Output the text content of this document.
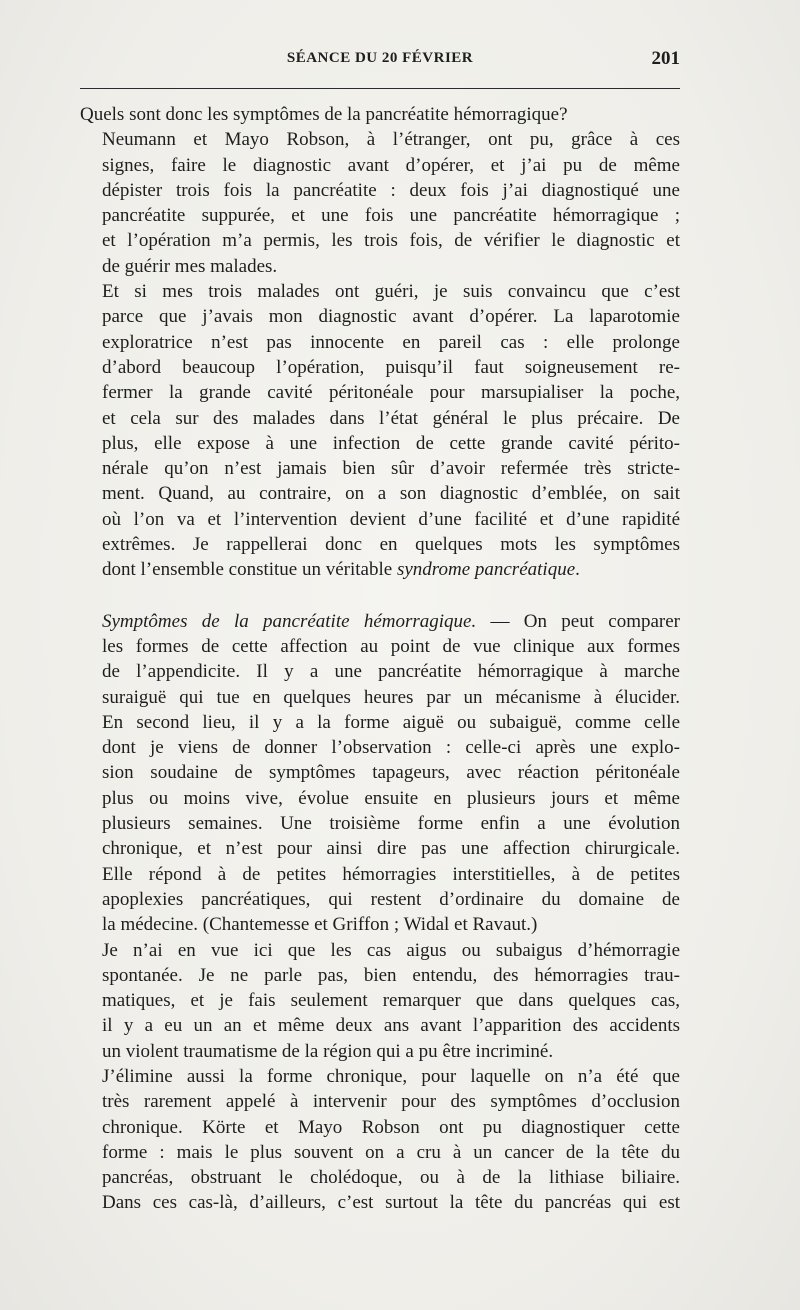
SÉANCE DU 20 FÉVRIER	201

Quels sont donc les symptômes de la pancréatite hémorragique?

Neumann et Mayo Robson, à l’étranger, ont pu, grâce à ces
signes, faire le diagnostic avant d’opérer, et j’ai pu de même
dépister trois fois la pancréatite : deux fois j’ai diagnostiqué une
pancréatite suppurée, et une fois une pancréatite hémorragique ;
et l’opération m’a permis, les trois fois, de vérifier le diagnostic et
de guérir mes malades.

Et si mes trois malades ont guéri, je suis convaincu que c’est
parce que j’avais mon diagnostic avant d’opérer. La laparotomie
exploratrice n’est pas innocente en pareil cas : elle prolonge
d’abord beaucoup l’opération, puisqu’il faut soigneusement re-
fermer la grande cavité péritonéale pour marsupialiser la poche,
et cela sur des malades dans l’état général le plus précaire. De
plus, elle expose à une infection de cette grande cavité périto-
nérale qu’on n’est jamais bien sûr d’avoir refermée très stricte-
ment. Quand, au contraire, on a son diagnostic d’emblée, on sait
où l’on va et l’intervention devient d’une facilité et d’une rapidité
extrêmes. Je rappellerai donc en quelques mots les symptômes
dont l’ensemble constitue un véritable syndrome pancréatique.

Symptômes de la pancréatite hémorragique. — On peut comparer
les formes de cette affection au point de vue clinique aux formes
de l’appendicite. Il y a une pancréatite hémorragique à marche
suraiguë qui tue en quelques heures par un mécanisme à élucider.
En second lieu, il y a la forme aiguë ou subaiguë, comme celle
dont je viens de donner l’observation : celle-ci après une explo-
sion soudaine de symptômes tapageurs, avec réaction péritonéale
plus ou moins vive, évolue ensuite en plusieurs jours et même
plusieurs semaines. Une troisième forme enfin a une évolution
chronique, et n’est pour ainsi dire pas une affection chirurgicale.
Elle répond à de petites hémorragies interstitielles, à de petites
apoplexies pancréatiques, qui restent d’ordinaire du domaine de
la médecine. (Chantemesse et Griffon ; Widal et Ravaut.)

Je n’ai en vue ici que les cas aigus ou subaigus d’hémorragie
spontanée. Je ne parle pas, bien entendu, des hémorragies trau-
matiques, et je fais seulement remarquer que dans quelques cas,
il y a eu un an et même deux ans avant l’apparition des accidents
un violent traumatisme de la région qui a pu être incriminé.

J’élimine aussi la forme chronique, pour laquelle on n’a été que
très rarement appelé à intervenir pour des symptômes d’occlusion
chronique. Körte et Mayo Robson ont pu diagnostiquer cette
forme : mais le plus souvent on a cru à un cancer de la tête du
pancréas, obstruant le cholédoque, ou à de la lithiase biliaire.
Dans ces cas-là, d’ailleurs, c’est surtout la tête du pancréas qui est
